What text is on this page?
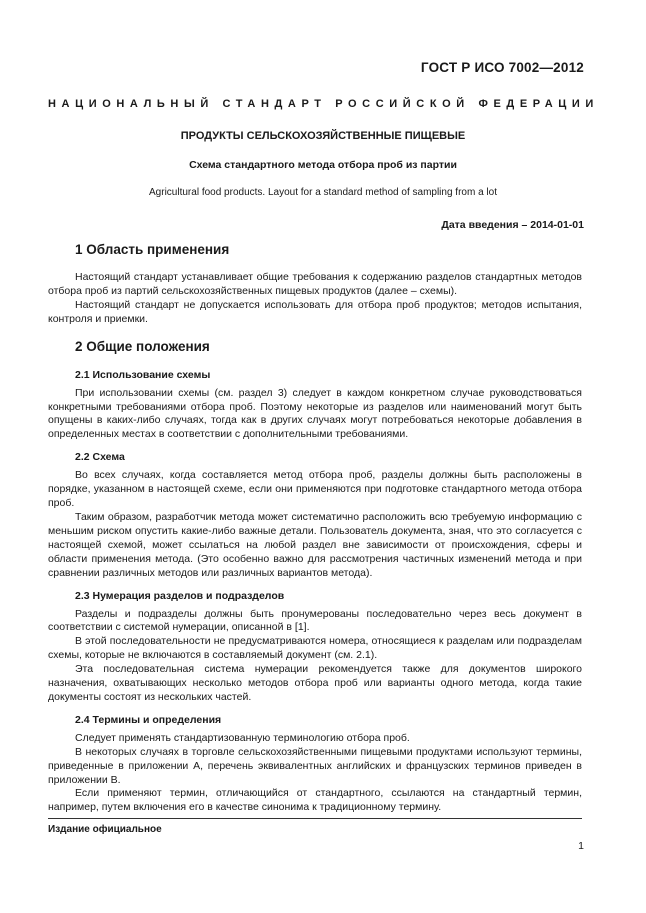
ГОСТ Р ИСО 7002—2012
НАЦИОНАЛЬНЫЙ СТАНДАРТ РОССИЙСКОЙ ФЕДЕРАЦИИ
ПРОДУКТЫ СЕЛЬСКОХОЗЯЙСТВЕННЫЕ ПИЩЕВЫЕ
Схема стандартного метода отбора проб из партии
Agricultural food products. Layout for a standard method of sampling from a lot
Дата введения – 2014-01-01
1 Область применения

Настоящий стандарт устанавливает общие требования к содержанию разделов стандартных методов отбора проб из партий сельскохозяйственных пищевых продуктов (далее – схемы).

Настоящий стандарт не допускается использовать для отбора проб продуктов; методов испытания, контроля и приемки.

2 Общие положения
2.1 Использование схемы

При использовании схемы (см. раздел 3) следует в каждом конкретном случае руководствоваться конкретными требованиями отбора проб. Поэтому некоторые из разделов или наименований могут быть опущены в каких-либо случаях, тогда как в других случаях могут потребоваться некоторые добавления в определенных местах в соответствии с дополнительными требованиями.

2.2 Схема

Во всех случаях, когда составляется метод отбора проб, разделы должны быть расположены в порядке, указанном в настоящей схеме, если они применяются при подготовке стандартного метода отбора проб.

Таким образом, разработчик метода может систематично расположить всю требуемую информацию с меньшим риском опустить какие-либо важные детали. Пользователь документа, зная, что это согласуется с настоящей схемой, может ссылаться на любой раздел вне зависимости от происхождения, сферы и области применения метода. (Это особенно важно для рассмотрения частичных изменений метода и при сравнении различных методов или различных вариантов метода).

2.3 Нумерация разделов и подразделов

Разделы и подразделы должны быть пронумерованы последовательно через весь документ в соответствии с системой нумерации, описанной в [1].

В этой последовательности не предусматриваются номера, относящиеся к разделам или подразделам схемы, которые не включаются в составляемый документ (см. 2.1).

Эта последовательная система нумерации рекомендуется также для документов широкого назначения, охватывающих несколько методов отбора проб или варианты одного метода, когда такие документы состоят из нескольких частей.

2.4 Термины и определения

Следует применять стандартизованную терминологию отбора проб.

В некоторых случаях в торговле сельскохозяйственными пищевыми продуктами используют термины, приведенные в приложении А, перечень эквивалентных английских и французских терминов приведен в приложении В.

Если применяют термин, отличающийся от стандартного, ссылаются на стандартный термин, например, путем включения его в качестве синонима к традиционному термину.

Издание официальное
1
